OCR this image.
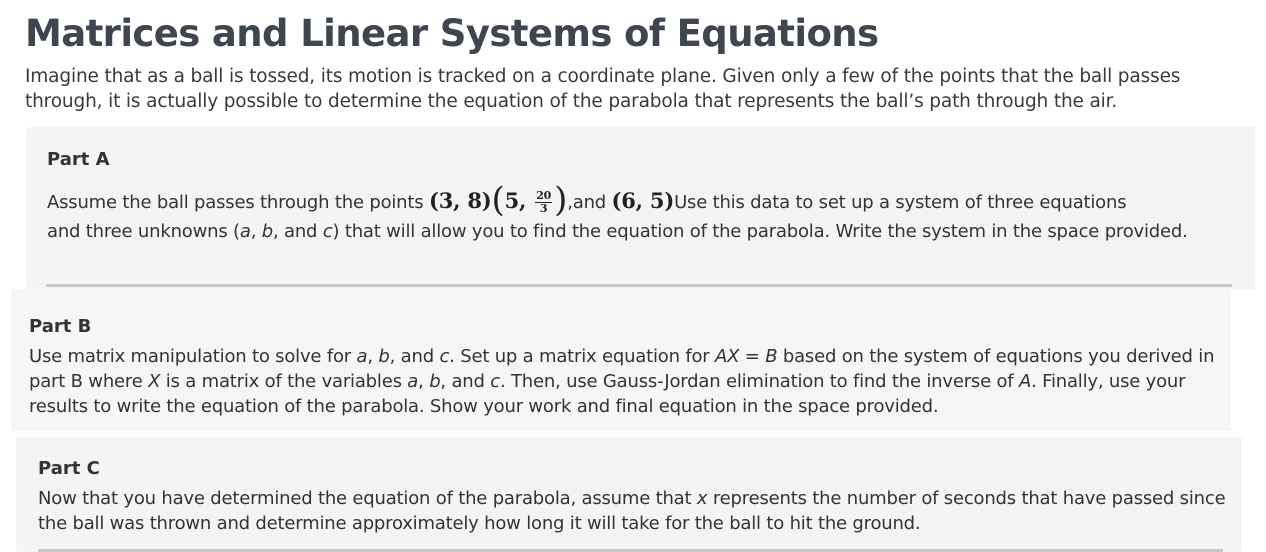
Matrices and Linear Systems of Equations

Imagine that as a ball is tossed, its motion is tracked on a coordinate plane. Given only a few of the points that the ball passes through, it is actually possible to determine the equation of the parabola that represents the ball’s path through the air.

Part A
Assume the ball passes through the points (3, 8)(5, $\frac{20}{3} ),and$ (6, 5)Use this data to set up a system of three equations
and three unknowns (a, b, and c) that will allow you to find the equation of the parabola. Write the system in the space provided.
Part B

Use matrix manipulation to solve for a, b, and c. Set up a matrix equation for AX = B based on the system of equations you derived in part B where X is a matrix of the variables a, b, and c. Then, use Gauss-Jordan elimination to find the inverse of A. Finally, use your results to write the equation of the parabola. Show your work and final equation in the space provided.

Part C

Now that you have determined the equation of the parabola, assume that x represents the number of seconds that have passed since the ball was thrown and determine approximately how long it will take for the ball to hit the ground.
